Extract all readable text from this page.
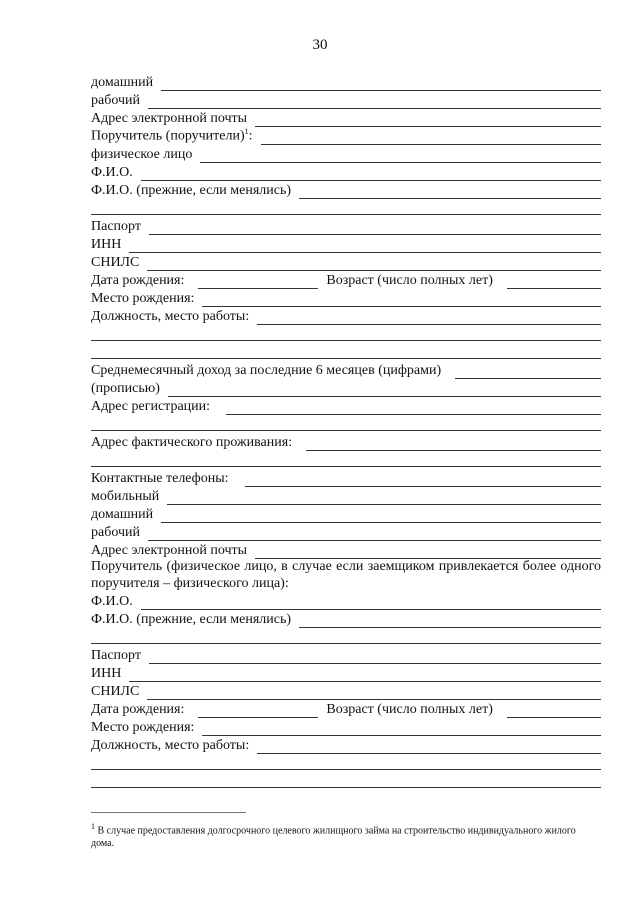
30
домашний
рабочий
Адрес электронной почты
Поручитель (поручители)$^1$:
физическое лицо
Ф.И.О.
Ф.И.О. (прежние, если менялись)
Паспорт
ИНН
СНИЛС
Дата рождения:	Возраст (число полных лет)
Место рождения:
Должность, место работы:
Среднемесячный доход за последние 6 месяцев (цифрами)
(прописью)
Адрес регистрации:
Адрес фактического проживания:
Контактные телефоны:
мобильный
домашний
рабочий
Адрес электронной почты
Поручитель (физическое лицо, в случае если заемщиком привлекается более одного поручителя – физического лица):
Ф.И.О.
Ф.И.О. (прежние, если менялись)
Паспорт
ИНН
СНИЛС
Дата рождения:	Возраст (число полных лет)
Место рождения:
Должность, место работы:
$^1$ В случае предоставления долгосрочного целевого жилищного займа на строительство индивидуального жилого дома.
